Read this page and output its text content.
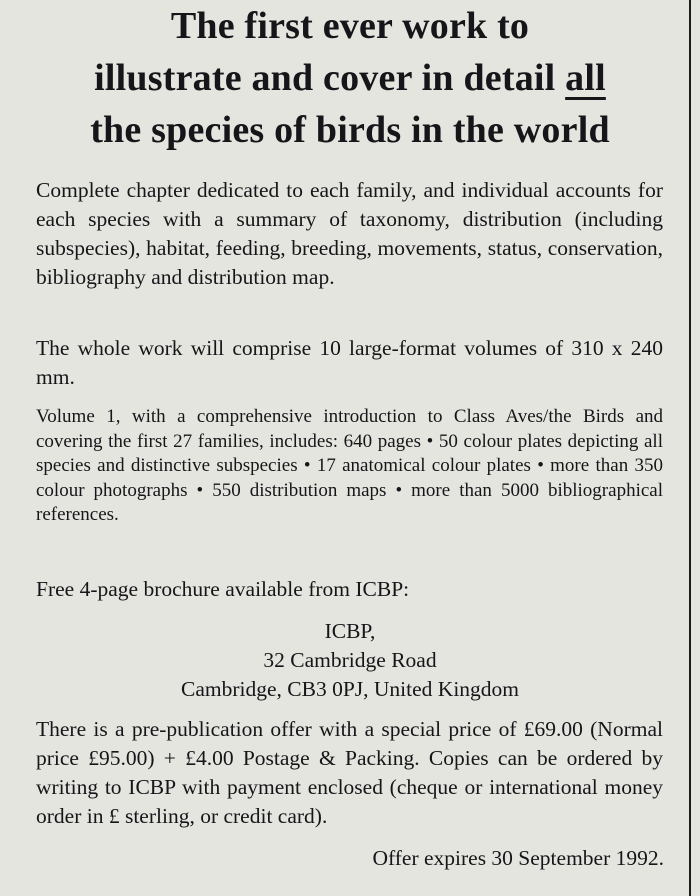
The first ever work to
illustrate and cover in detail all
the species of birds in the world

Complete chapter dedicated to each family, and individual accounts for each species with a summary of taxonomy, distribution (including subspecies), habitat, feeding, breeding, movements, status, conservation, bibliography and distribution map.

The whole work will comprise 10 large-format volumes of 310 x 240 mm.

Volume 1, with a comprehensive introduction to Class Aves/the Birds and covering the first 27 families, includes: 640 pages • 50 colour plates depicting all species and distinctive subspecies • 17 anatomical colour plates • more than 350 colour photographs • 550 distribution maps • more than 5000 bibliographical references.

Free 4-page brochure available from ICBP:

ICBP,
32 Cambridge Road
Cambridge, CB3 0PJ, United Kingdom

There is a pre-publication offer with a special price of £69.00 (Normal price £95.00) + £4.00 Postage & Packing. Copies can be ordered by writing to ICBP with payment enclosed (cheque or international money order in £ sterling, or credit card).

Offer expires 30 September 1992.
